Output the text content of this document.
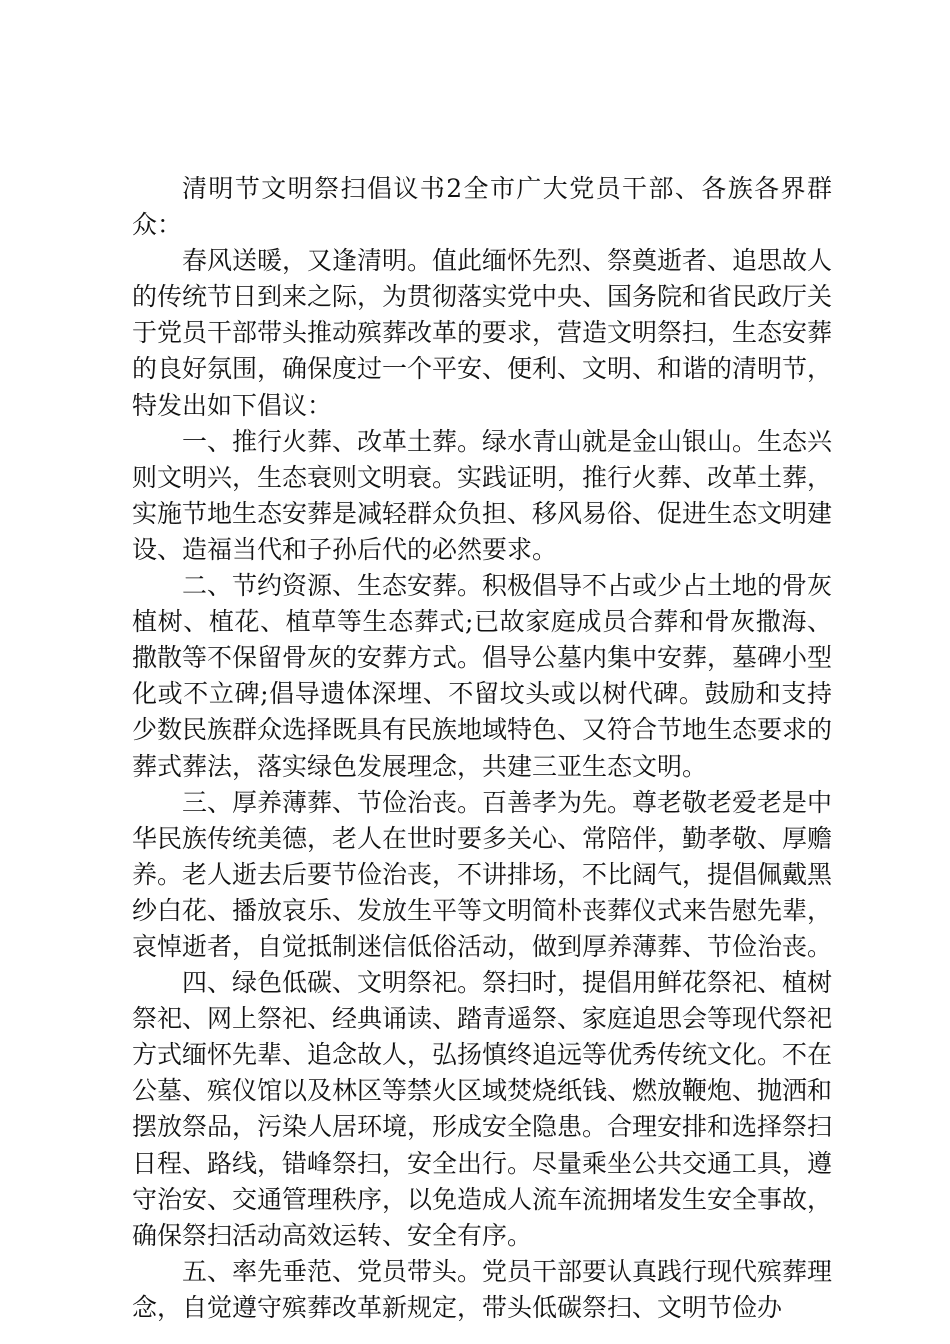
清明节文明祭扫倡议书2全市广大党员干部、各族各界群众：

春风送暖，又逢清明。值此缅怀先烈、祭奠逝者、追思故人的传统节日到来之际，为贯彻落实党中央、国务院和省民政厅关于党员干部带头推动殡葬改革的要求，营造文明祭扫，生态安葬的良好氛围，确保度过一个平安、便利、文明、和谐的清明节，特发出如下倡议：

一、推行火葬、改革土葬。绿水青山就是金山银山。生态兴则文明兴，生态衰则文明衰。实践证明，推行火葬、改革土葬，实施节地生态安葬是减轻群众负担、移风易俗、促进生态文明建设、造福当代和子孙后代的必然要求。

二、节约资源、生态安葬。积极倡导不占或少占土地的骨灰植树、植花、植草等生态葬式;已故家庭成员合葬和骨灰撒海、撒散等不保留骨灰的安葬方式。倡导公墓内集中安葬，墓碑小型化或不立碑;倡导遗体深埋、不留坟头或以树代碑。鼓励和支持少数民族群众选择既具有民族地域特色、又符合节地生态要求的葬式葬法，落实绿色发展理念，共建三亚生态文明。

三、厚养薄葬、节俭治丧。百善孝为先。尊老敬老爱老是中华民族传统美德，老人在世时要多关心、常陪伴，勤孝敬、厚赡养。老人逝去后要节俭治丧，不讲排场，不比阔气，提倡佩戴黑纱白花、播放哀乐、发放生平等文明简朴丧葬仪式来告慰先辈，哀悼逝者，自觉抵制迷信低俗活动，做到厚养薄葬、节俭治丧。

四、绿色低碳、文明祭祀。祭扫时，提倡用鲜花祭祀、植树祭祀、网上祭祀、经典诵读、踏青遥祭、家庭追思会等现代祭祀方式缅怀先辈、追念故人，弘扬慎终追远等优秀传统文化。不在公墓、殡仪馆以及林区等禁火区域焚烧纸钱、燃放鞭炮、抛洒和摆放祭品，污染人居环境，形成安全隐患。合理安排和选择祭扫日程、路线，错峰祭扫，安全出行。尽量乘坐公共交通工具，遵守治安、交通管理秩序，以免造成人流车流拥堵发生安全事故，确保祭扫活动高效运转、安全有序。

五、率先垂范、党员带头。党员干部要认真践行现代殡葬理念，自觉遵守殡葬改革新规定，带头低碳祭扫、文明节俭办
